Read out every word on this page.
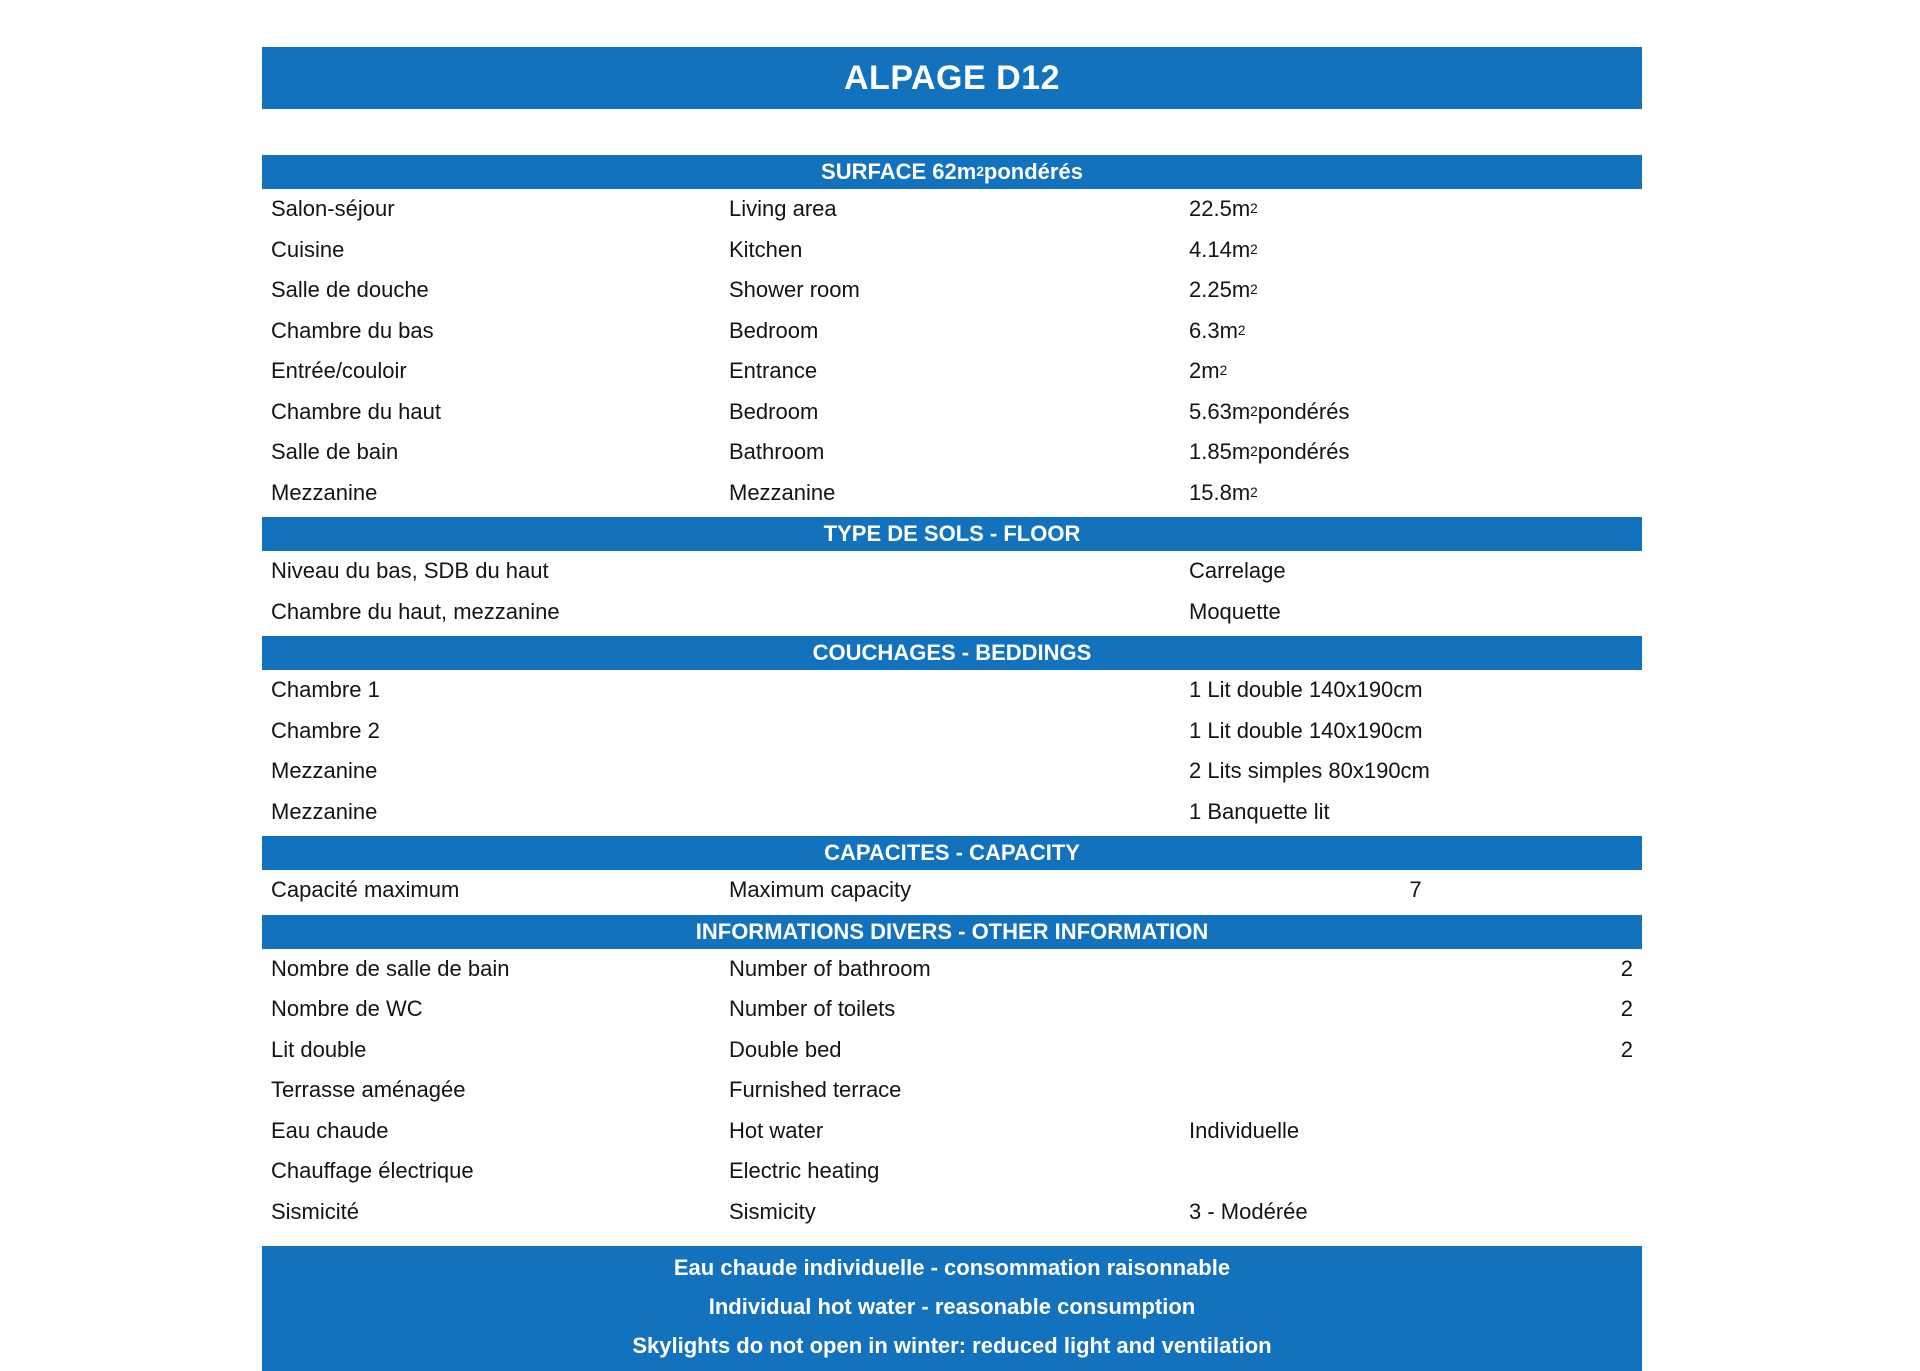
ALPAGE D12
SURFACE 62m 2 pondérés
Salon-séjour	Living area	22.5m 2
Cuisine	Kitchen	4.14m 2
Salle de douche	Shower room	2.25m 2
Chambre du bas	Bedroom	6.3m 2
Entrée/couloir	Entrance	2m 2
Chambre du haut	Bedroom	5.63m 2 pondérés
Salle de bain	Bathroom	1.85m 2 pondérés
Mezzanine	Mezzanine	15.8m 2
TYPE DE SOLS - FLOOR
Niveau du bas, SDB du haut	Carrelage
Chambre du haut, mezzanine	Moquette
COUCHAGES - BEDDINGS
Chambre 1	1 Lit double 140x190cm
Chambre 2	1 Lit double 140x190cm
Mezzanine	2 Lits simples 80x190cm
Mezzanine	1 Banquette lit
CAPACITES - CAPACITY
Capacité maximum	Maximum capacity	7
INFORMATIONS DIVERS - OTHER INFORMATION
Nombre de salle de bain	Number of bathroom	2
Nombre de WC	Number of toilets	2
Lit double	Double bed	2
Terrasse aménagée	Furnished terrace
Eau chaude	Hot water	Individuelle
Chauffage électrique	Electric heating
Sismicité	Sismicity	3 - Modérée
Eau chaude individuelle - consommation raisonnable
Individual hot water - reasonable consumption
Skylights do not open in winter: reduced light and ventilation
